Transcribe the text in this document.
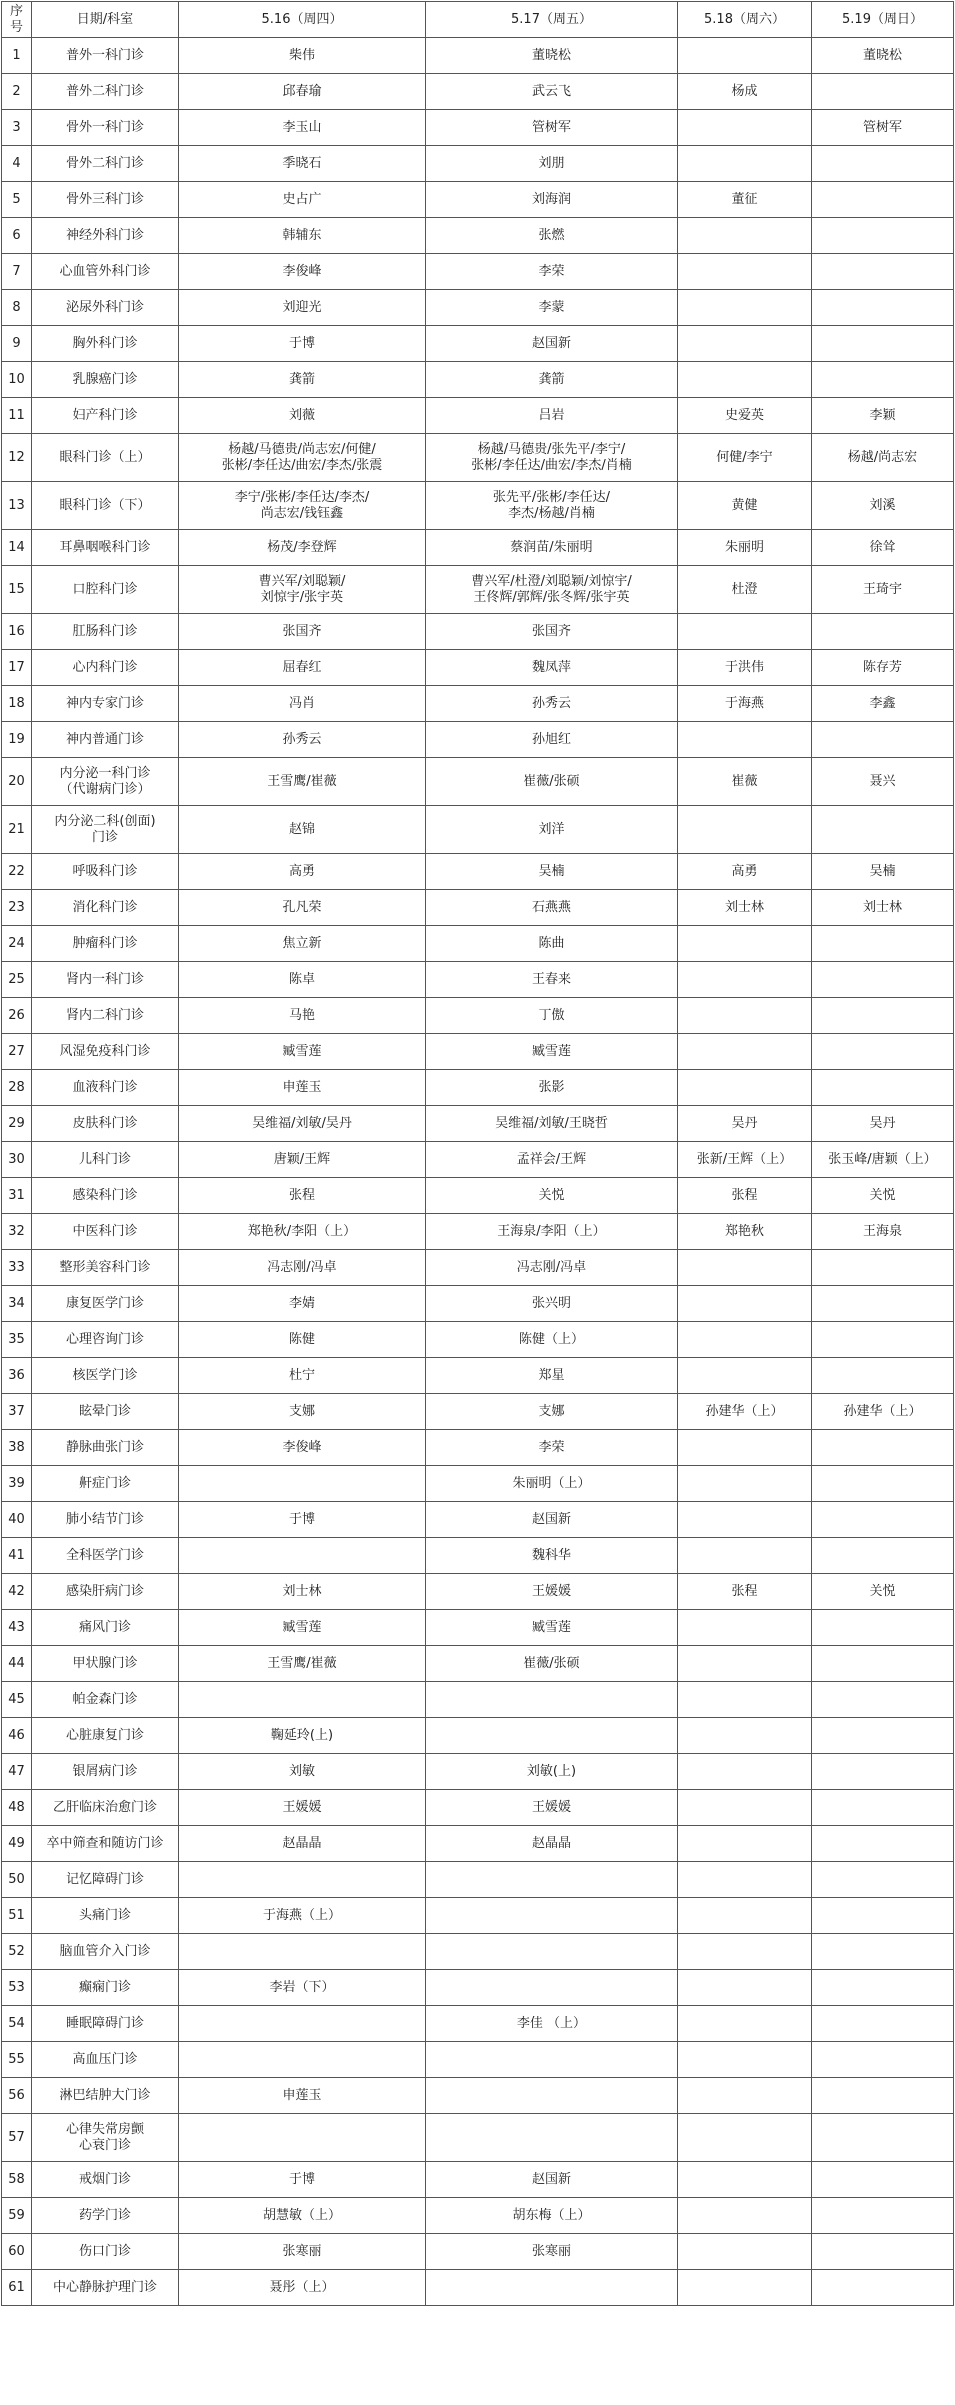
序号	日期/科室	5.16（周四）	5.17（周五）	5.18（周六）	5.19（周日）
1	普外一科门诊	柴伟	董晓松		董晓松
2	普外二科门诊	邱春瑜	武云飞	杨成	
3	骨外一科门诊	李玉山	管树军		管树军
4	骨外二科门诊	季晓石	刘朋		
5	骨外三科门诊	史占广	刘海润	董征	
6	神经外科门诊	韩辅东	张燃		
7	心血管外科门诊	李俊峰	李荣		
8	泌尿外科门诊	刘迎光	李蒙		
9	胸外科门诊	于博	赵国新		
10	乳腺癌门诊	龚箭	龚箭		
11	妇产科门诊	刘薇	吕岩	史爱英	李颖
12	眼科门诊（上）	杨越/马德贵/尚志宏/何健/
张彬/李任达/曲宏/李杰/张震	杨越/马德贵/张先平/李宁/
张彬/李任达/曲宏/李杰/肖楠	何健/李宁	杨越/尚志宏
13	眼科门诊（下）	李宁/张彬/李任达/李杰/
尚志宏/钱钰鑫	张先平/张彬/李任达/
李杰/杨越/肖楠	黄健	刘溪
14	耳鼻咽喉科门诊	杨茂/李登辉	蔡润苗/朱丽明	朱丽明	徐耸
15	口腔科门诊	曹兴军/刘聪颖/
刘惊宇/张宇英	曹兴军/杜澄/刘聪颖/刘惊宇/
王佟辉/郭辉/张冬辉/张宇英	杜澄	王琦宇
16	肛肠科门诊	张国齐	张国齐		
17	心内科门诊	屈春红	魏凤萍	于洪伟	陈存芳
18	神内专家门诊	冯肖	孙秀云	于海燕	李鑫
19	神内普通门诊	孙秀云	孙旭红		
20	内分泌一科门诊
（代谢病门诊）	王雪鹰/崔薇	崔薇/张硕	崔薇	聂兴
21	内分泌二科(创面)
门诊	赵锦	刘洋		
22	呼吸科门诊	高勇	吴楠	高勇	吴楠
23	消化科门诊	孔凡荣	石燕燕	刘士林	刘士林
24	肿瘤科门诊	焦立新	陈曲		
25	肾内一科门诊	陈卓	王春来		
26	肾内二科门诊	马艳	丁傲		
27	风湿免疫科门诊	臧雪莲	臧雪莲		
28	血液科门诊	申莲玉	张影		
29	皮肤科门诊	吴维福/刘敏/吴丹	吴维福/刘敏/王晓哲	吴丹	吴丹
30	儿科门诊	唐颖/王辉	孟祥会/王辉	张新/王辉（上）	张玉峰/唐颖（上）
31	感染科门诊	张程	关悦	张程	关悦
32	中医科门诊	郑艳秋/李阳（上）	王海泉/李阳（上）	郑艳秋	王海泉
33	整形美容科门诊	冯志刚/冯卓	冯志刚/冯卓		
34	康复医学门诊	李婧	张兴明		
35	心理咨询门诊	陈健	陈健（上）		
36	核医学门诊	杜宁	郑星		
37	眩晕门诊	支娜	支娜	孙建华（上）	孙建华（上）
38	静脉曲张门诊	李俊峰	李荣		
39	鼾症门诊		朱丽明（上）		
40	肺小结节门诊	于博	赵国新		
41	全科医学门诊		魏科华		
42	感染肝病门诊	刘士林	王媛媛	张程	关悦
43	痛风门诊	臧雪莲	臧雪莲		
44	甲状腺门诊	王雪鹰/崔薇	崔薇/张硕		
45	帕金森门诊				
46	心脏康复门诊	鞠延玲(上)			
47	银屑病门诊	刘敏	刘敏(上)		
48	乙肝临床治愈门诊	王媛媛	王媛媛		
49	卒中筛查和随访门诊	赵晶晶	赵晶晶		
50	记忆障碍门诊				
51	头痛门诊	于海燕（上）			
52	脑血管介入门诊				
53	癫痫门诊	李岩（下）			
54	睡眠障碍门诊		李佳 （上）		
55	高血压门诊				
56	淋巴结肿大门诊	申莲玉			
57	心律失常房颤
心衰门诊				
58	戒烟门诊	于博	赵国新		
59	药学门诊	胡慧敏（上）	胡东梅（上）		
60	伤口门诊	张寒丽	张寒丽		
61	中心静脉护理门诊	聂彤（上）			
